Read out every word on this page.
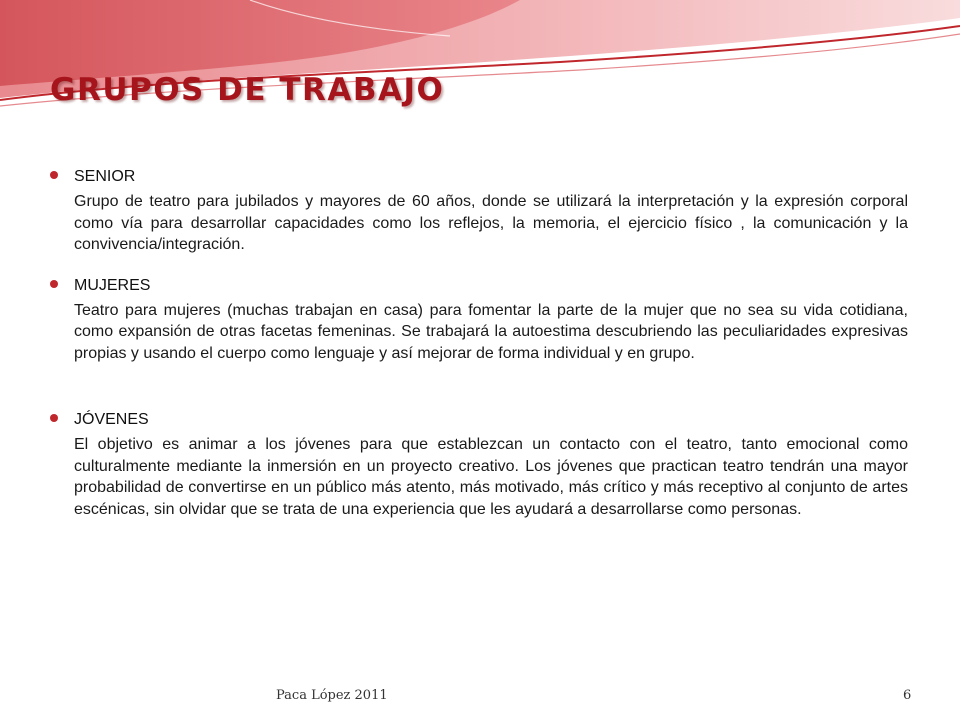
GRUPOS DE TRABAJO
SENIOR
Grupo de teatro para jubilados y mayores de 60 años, donde se utilizará la interpretación y la expresión corporal como vía para desarrollar capacidades como los reflejos, la memoria, el ejercicio físico , la comunicación y la convivencia/integración.
MUJERES
Teatro para mujeres (muchas trabajan en casa) para fomentar la parte de la mujer que no sea su vida cotidiana, como expansión de otras facetas femeninas. Se trabajará la autoestima descubriendo las peculiaridades expresivas propias y usando el cuerpo como lenguaje y así mejorar de forma individual y en grupo.
JÓVENES
El objetivo es animar a los jóvenes para que establezcan un contacto con el teatro, tanto emocional como culturalmente mediante la inmersión en un proyecto creativo. Los jóvenes que practican teatro tendrán una mayor probabilidad de convertirse en un público más atento, más motivado, más crítico y más receptivo al conjunto de artes escénicas, sin olvidar que se trata de una experiencia que les ayudará a desarrollarse como personas.
Paca López 2011	6
